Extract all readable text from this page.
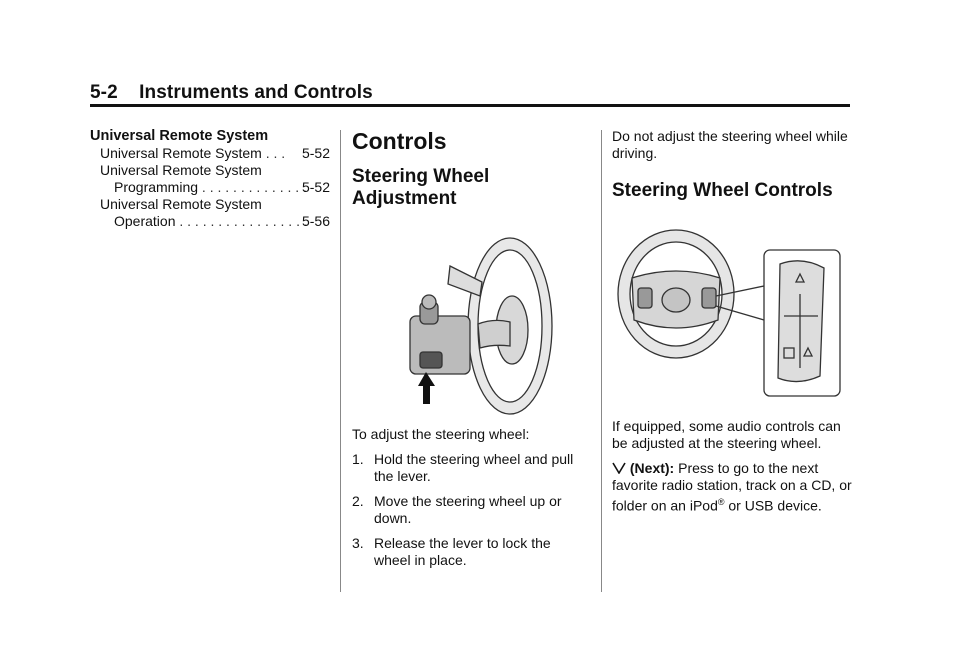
5-2 Instruments and Controls
Universal Remote System
Universal Remote System . . . 5-52
Universal Remote System
Programming . . . . . . . . . . . . . .
5-52
Universal Remote System
Operation . . . . . . . . . . . . . . . . .
5-56
Controls
Steering Wheel
Adjustment

To adjust the steering wheel:

1. Hold the steering wheel and pull the lever.
2. Move the steering wheel up or down.
3. Release the lever to lock the wheel in place.

Do not adjust the steering wheel while driving.

Steering Wheel Controls

If equipped, some audio controls can be adjusted at the steering wheel.

(Next): Press to go to the next favorite radio station, track on a CD, or folder on an iPod® or USB device.
